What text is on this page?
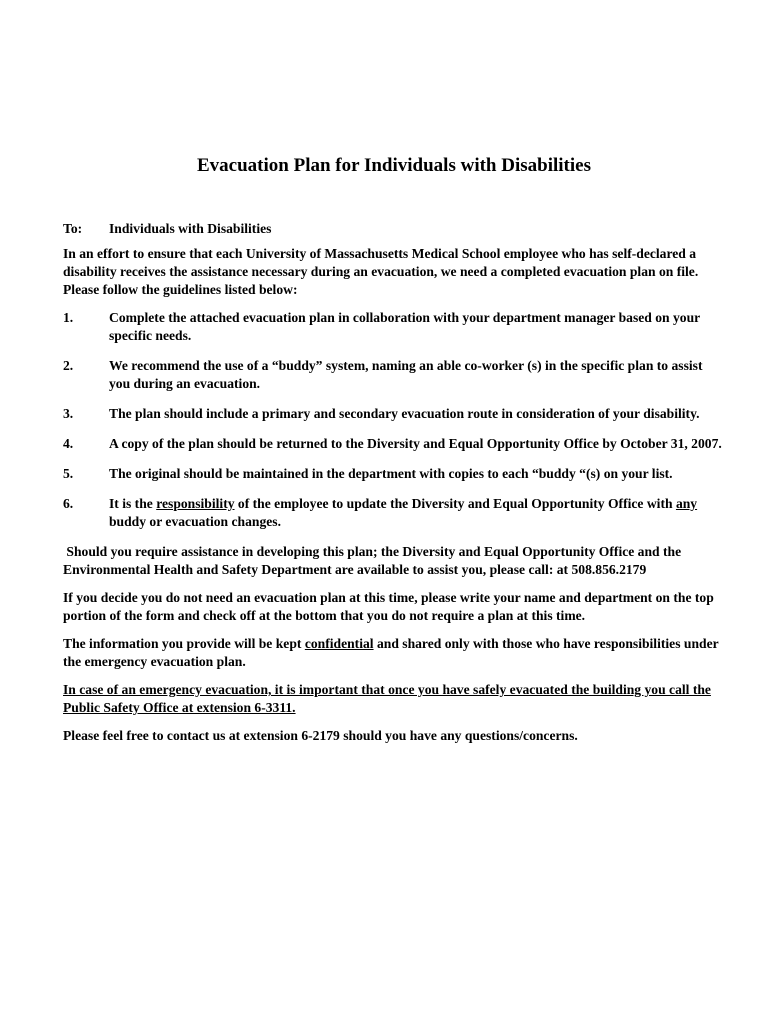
Evacuation Plan for Individuals with Disabilities
To:	Individuals with Disabilities

In an effort to ensure that each University of Massachusetts Medical School employee who has self-declared a disability receives the assistance necessary during an evacuation, we need a completed evacuation plan on file. Please follow the guidelines listed below:

1.	Complete the attached evacuation plan in collaboration with your department manager based on your specific needs.
2.	We recommend the use of a “buddy” system, naming an able co-worker (s) in the specific plan to assist you during an evacuation.
3.	The plan should include a primary and secondary evacuation route in consideration of your disability.
4.	A copy of the plan should be returned to the Diversity and Equal Opportunity Office by October 31, 2007.
5.	The original should be maintained in the department with copies to each “buddy “(s) on your list.
6.	It is the responsibility of the employee to update the Diversity and Equal Opportunity Office with any buddy or evacuation changes.

Should you require assistance in developing this plan; the Diversity and Equal Opportunity Office and the Environmental Health and Safety Department are available to assist you, please call: at 508.856.2179

If you decide you do not need an evacuation plan at this time, please write your name and department on the top portion of the form and check off at the bottom that you do not require a plan at this time.

The information you provide will be kept confidential and shared only with those who have responsibilities under the emergency evacuation plan.

In case of an emergency evacuation, it is important that once you have safely evacuated the building you call the Public Safety Office at extension 6-3311.

Please feel free to contact us at extension 6-2179 should you have any questions/concerns.
